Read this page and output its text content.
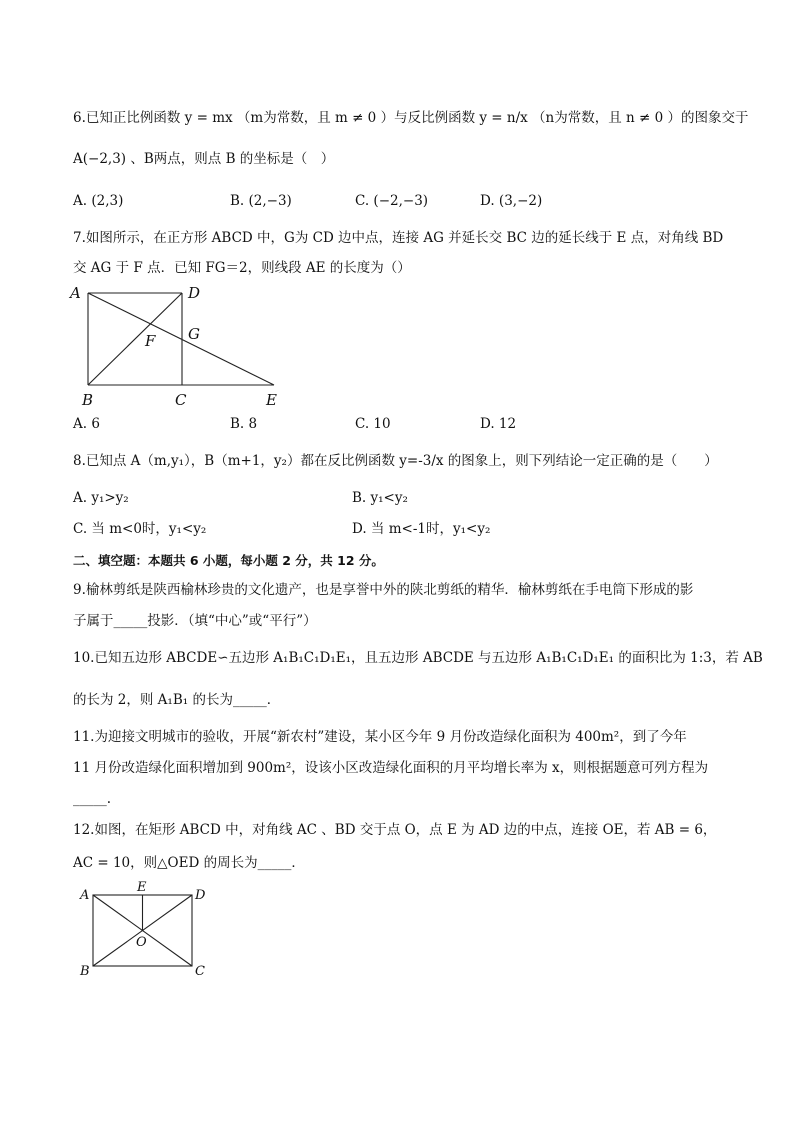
6.已知正比例函数 y = mx （m为常数，且 m ≠ 0 ）与反比例函数 y = n/x （n为常数，且 n ≠ 0 ）的图象交于
A(−2,3) 、B两点，则点 B 的坐标是（　）
A. (2,3)	B. (2,−3)	C. (−2,−3)	D. (3,−2)
7.如图所示，在正方形 ABCD 中，G为 CD 边中点，连接 AG 并延长交 BC 边的延长线于 E 点，对角线 BD
交 AG 于 F 点．已知 FG＝2，则线段 AE 的长度为（）
A	D
G
F
B	C	E
A. 6	B. 8	C. 10	D. 12
8.已知点 A（m,y₁），B（m+1，y₂）都在反比例函数 y=-3/x 的图象上，则下列结论一定正确的是（　　）
A. y₁>y₂	B. y₁<y₂
C. 当 m<0时，y₁<y₂	D. 当 m<-1时，y₁<y₂
二、填空题：本题共 6 小题，每小题 2 分，共 12 分。
9.榆林剪纸是陕西榆林珍贵的文化遗产，也是享誉中外的陕北剪纸的精华．榆林剪纸在手电筒下形成的影
子属于_____投影．（填“中心”或“平行”）
10.已知五边形 ABCDE∽五边形 A₁B₁C₁D₁E₁，且五边形 ABCDE 与五边形 A₁B₁C₁D₁E₁ 的面积比为 1:3，若 AB
的长为 2，则 A₁B₁ 的长为_____．
11.为迎接文明城市的验收，开展“新农村”建设，某小区今年 9 月份改造绿化面积为 400m²，到了今年
11 月份改造绿化面积增加到 900m²，设该小区改造绿化面积的月平均增长率为 x，则根据题意可列方程为
_____.
12.如图，在矩形 ABCD 中，对角线 AC 、BD 交于点 O，点 E 为 AD 边的中点，连接 OE，若 AB = 6，
AC = 10，则△OED 的周长为_____．
A
E
D
O
B	C
